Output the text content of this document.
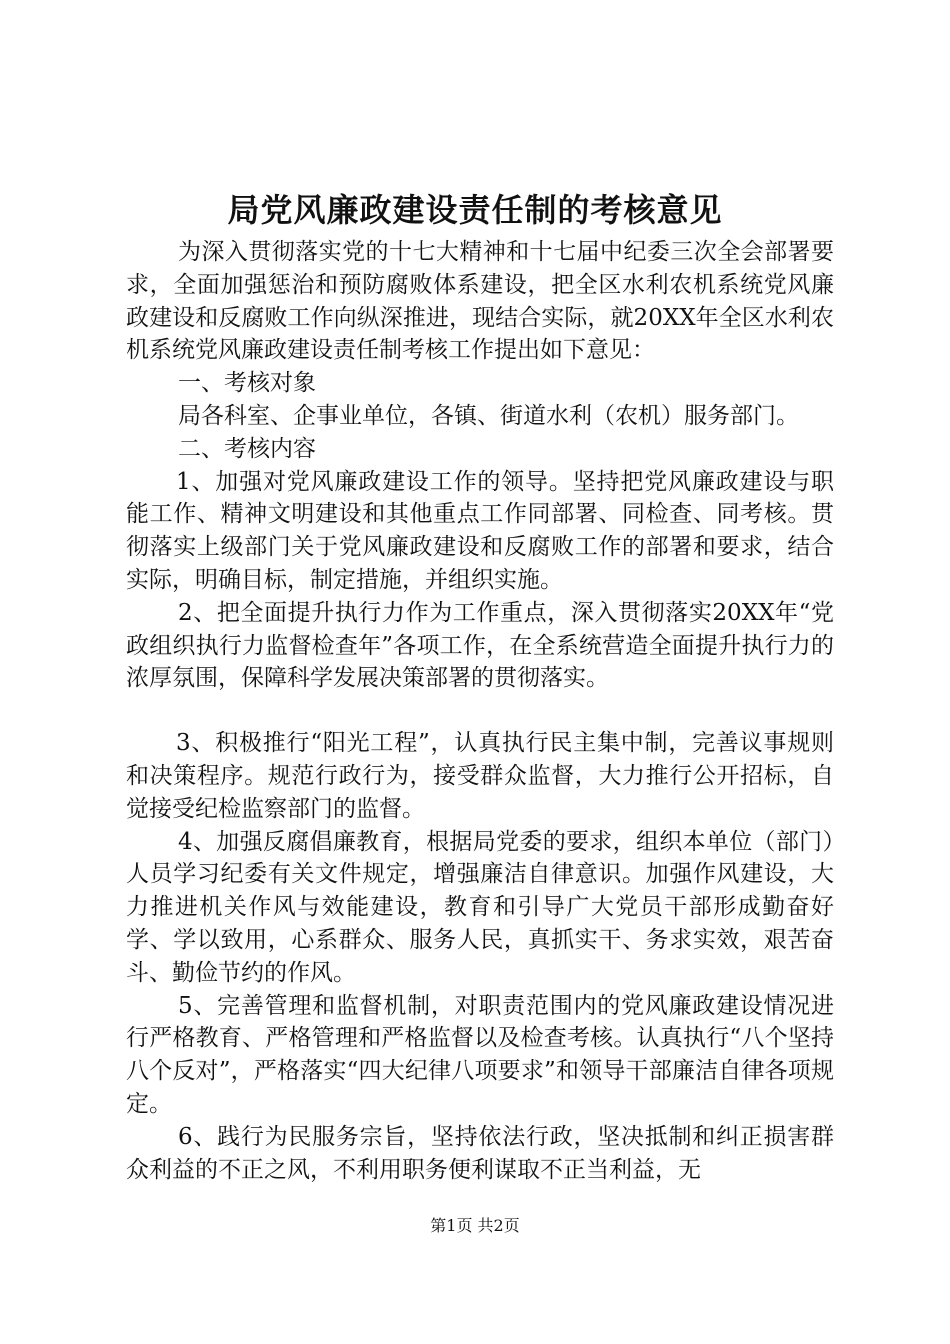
局党风廉政建设责任制的考核意见

为深入贯彻落实党的十七大精神和十七届中纪委三次全会部署要求，全面加强惩治和预防腐败体系建设，把全区水利农机系统党风廉政建设和反腐败工作向纵深推进，现结合实际，就20XX年全区水利农机系统党风廉政建设责任制考核工作提出如下意见：

一、考核对象

局各科室、企事业单位，各镇、街道水利（农机）服务部门。

二、考核内容

1、加强对党风廉政建设工作的领导。坚持把党风廉政建设与职能工作、精神文明建设和其他重点工作同部署、同检查、同考核。贯彻落实上级部门关于党风廉政建设和反腐败工作的部署和要求，结合实际，明确目标，制定措施，并组织实施。

2、把全面提升执行力作为工作重点，深入贯彻落实20XX年“党政组织执行力监督检查年”各项工作，在全系统营造全面提升执行力的浓厚氛围，保障科学发展决策部署的贯彻落实。

3、积极推行“阳光工程”，认真执行民主集中制，完善议事规则和决策程序。规范行政行为，接受群众监督，大力推行公开招标，自觉接受纪检监察部门的监督。

4、加强反腐倡廉教育，根据局党委的要求，组织本单位（部门）人员学习纪委有关文件规定，增强廉洁自律意识。加强作风建设，大力推进机关作风与效能建设，教育和引导广大党员干部形成勤奋好学、学以致用，心系群众、服务人民，真抓实干、务求实效，艰苦奋斗、勤俭节约的作风。

5、完善管理和监督机制，对职责范围内的党风廉政建设情况进行严格教育、严格管理和严格监督以及检查考核。认真执行“八个坚持八个反对”，严格落实“四大纪律八项要求”和领导干部廉洁自律各项规定。

6、践行为民服务宗旨，坚持依法行政，坚决抵制和纠正损害群众利益的不正之风，不利用职务便利谋取不正当利益，无

第1页 共2页
